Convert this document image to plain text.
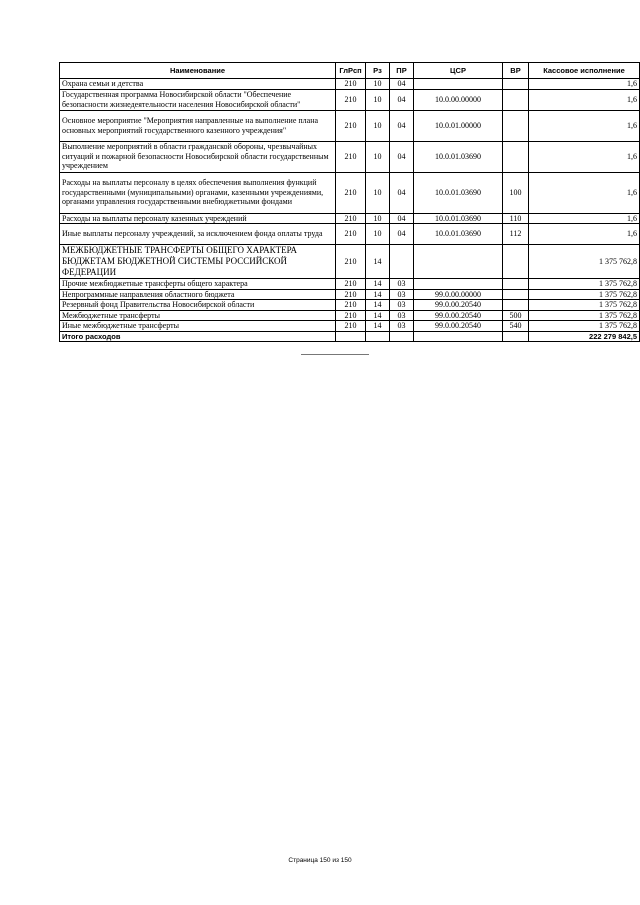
Наименование	ГлРсп	Рз	ПР	ЦСР	ВР	Кассовое исполнение
Охрана семьи и детства	210	10	04			1,6
Государственная программа Новосибирской области "Обеспечение безопасности жизнедеятельности населения Новосибирской области"	210	10	04	10.0.00.00000		1,6
Основное мероприятие "Мероприятия направленные на выполнение плана основных мероприятий государственного казенного учреждения"	210	10	04	10.0.01.00000		1,6
Выполнение мероприятий в области гражданской обороны, чрезвычайных ситуаций и пожарной безопасности Новосибирской области государственным учреждением	210	10	04	10.0.01.03690		1,6
Расходы на выплаты персоналу в целях обеспечения выполнения функций государственными (муниципальными) органами, казенными учреждениями, органами управления государственными внебюджетными фондами	210	10	04	10.0.01.03690	100	1,6
Расходы на выплаты персоналу казенных учреждений	210	10	04	10.0.01.03690	110	1,6
Иные выплаты персоналу учреждений, за исключением фонда оплаты труда	210	10	04	10.0.01.03690	112	1,6
МЕЖБЮДЖЕТНЫЕ ТРАНСФЕРТЫ ОБЩЕГО ХАРАКТЕРА БЮДЖЕТАМ БЮДЖЕТНОЙ СИСТЕМЫ РОССИЙСКОЙ ФЕДЕРАЦИИ	210	14				1 375 762,8
Прочие межбюджетные трансферты общего характера	210	14	03			1 375 762,8
Непрограммные направления областного бюджета	210	14	03	99.0.00.00000		1 375 762,8
Резервный фонд Правительства Новосибирской области	210	14	03	99.0.00.20540		1 375 762,8
Межбюджетные трансферты	210	14	03	99.0.00.20540	500	1 375 762,8
Иные межбюджетные трансферты	210	14	03	99.0.00.20540	540	1 375 762,8
Итого расходов						222 279 842,5
Страница 150 из 150
